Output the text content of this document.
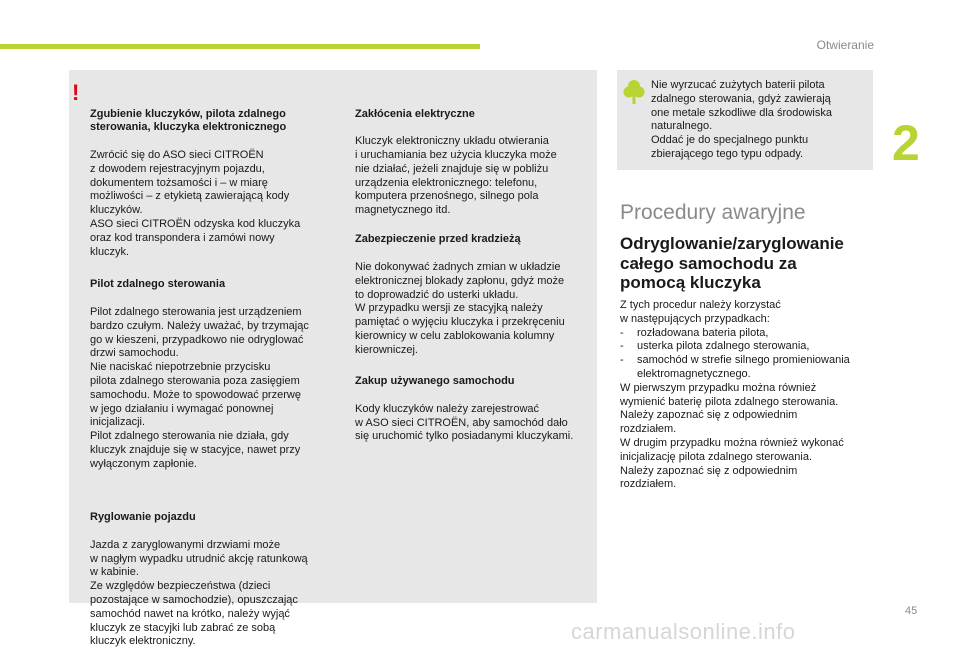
Otwieranie
2
!

Zgubienie kluczyków, pilota zdalnego
sterowania, kluczyka elektronicznego

Zwrócić się do ASO sieci CITROËN
z dowodem rejestracyjnym pojazdu,
dokumentem tożsamości i – w miarę
możliwości – z etykietą zawierającą kody
kluczyków.
ASO sieci CITROËN odzyska kod kluczyka
oraz kod transpondera i zamówi nowy
kluczyk.

Pilot zdalnego sterowania

Pilot zdalnego sterowania jest urządzeniem
bardzo czułym. Należy uważać, by trzymając
go w kieszeni, przypadkowo nie odryglować
drzwi samochodu.
Nie naciskać niepotrzebnie przycisku
pilota zdalnego sterowania poza zasięgiem
samochodu. Może to spowodować przerwę
w jego działaniu i wymagać ponownej
inicjalizacji.
Pilot zdalnego sterowania nie działa, gdy
kluczyk znajduje się w stacyjce, nawet przy
wyłączonym zapłonie.

Ryglowanie pojazdu

Jazda z zaryglowanymi drzwiami może
w nagłym wypadku utrudnić akcję ratunkową
w kabinie.
Ze względów bezpieczeństwa (dzieci
pozostające w samochodzie), opuszczając
samochód nawet na krótko, należy wyjąć
kluczyk ze stacyjki lub zabrać ze sobą
kluczyk elektroniczny.

Zakłócenia elektryczne

Kluczyk elektroniczny układu otwierania
i uruchamiania bez użycia kluczyka może
nie działać, jeżeli znajduje się w pobliżu
urządzenia elektronicznego: telefonu,
komputera przenośnego, silnego pola
magnetycznego itd.

Zabezpieczenie przed kradzieżą

Nie dokonywać żadnych zmian w układzie
elektronicznej blokady zapłonu, gdyż może
to doprowadzić do usterki układu.
W przypadku wersji ze stacyjką należy
pamiętać o wyjęciu kluczyka i przekręceniu
kierownicy w celu zablokowania kolumny
kierowniczej.

Zakup używanego samochodu

Kody kluczyków należy zarejestrować
w ASO sieci CITROËN, aby samochód dało
się uruchomić tylko posiadanymi kluczykami.

Nie wyrzucać zużytych baterii pilota
zdalnego sterowania, gdyż zawierają
one metale szkodliwe dla środowiska
naturalnego.
Oddać je do specjalnego punktu
zbierającego tego typu odpady.
Procedury awaryjne
Odryglowanie/zaryglowanie
całego samochodu za
pomocą kluczyka
Z tych procedur należy korzystać
w następujących przypadkach:
-	rozładowana bateria pilota,
-	usterka pilota zdalnego sterowania,
-	samochód w strefie silnego promieniowania elektromagnetycznego.
W pierwszym przypadku można również
wymienić baterię pilota zdalnego sterowania.
Należy zapoznać się z odpowiednim
rozdziałem.
W drugim przypadku można również wykonać
inicjalizację pilota zdalnego sterowania.
Należy zapoznać się z odpowiednim
rozdziałem.
45
carmanualsonline.info
